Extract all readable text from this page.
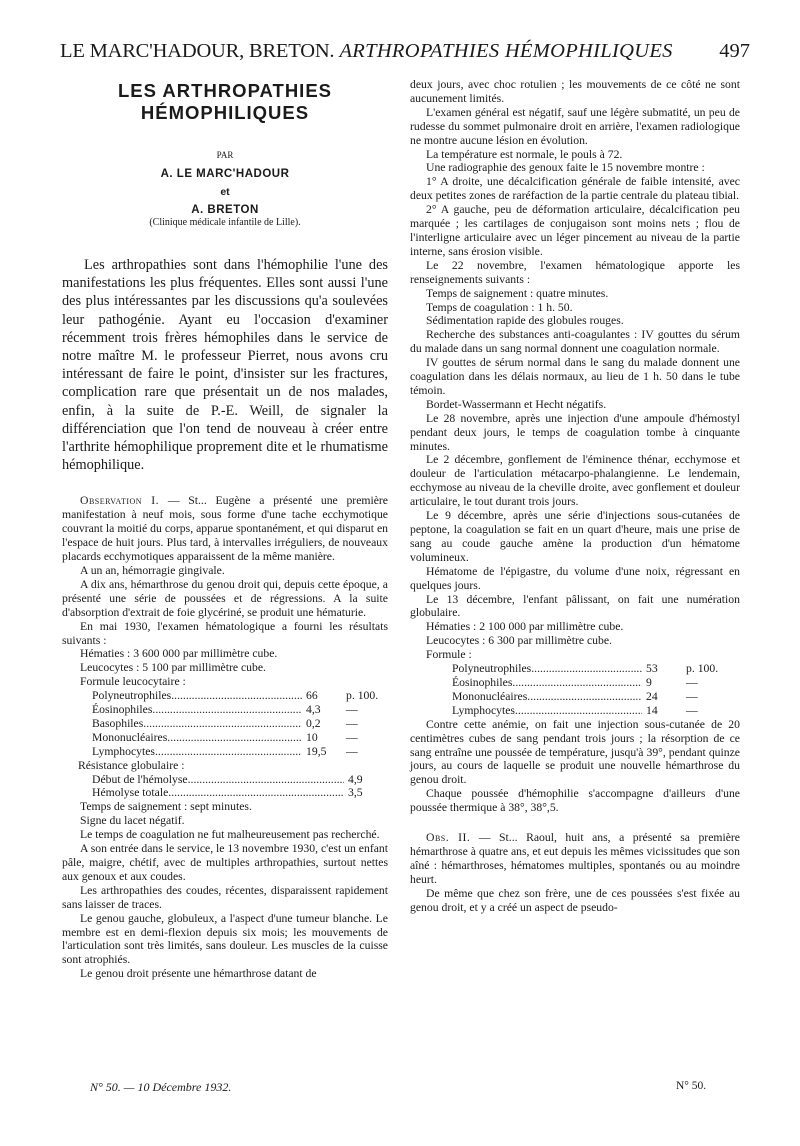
LE MARC'HADOUR, BRETON. ARTHROPATHIES HÉMOPHILIQUES 497
LES ARTHROPATHIES
HÉMOPHILIQUES
PAR
A. LE MARC'HADOUR
et
A. BRETON
(Clinique médicale infantile de Lille).
Les arthropathies sont dans l'hémophilie l'une des manifestations les plus fréquentes. Elles sont aussi l'une des plus intéressantes par les discussions qu'a soulevées leur pathogénie. Ayant eu l'occasion d'examiner récemment trois frères hémophiles dans le service de notre maître M. le professeur Pierret, nous avons cru intéressant de faire le point, d'insister sur les fractures, complication rare que présentait un de nos malades, enfin, à la suite de P.-E. Weill, de signaler la différenciation que l'on tend de nouveau à créer entre l'arthrite hémophilique proprement dite et le rhumatisme hémophilique.

Observation I. — St... Eugène a présenté une première manifestation à neuf mois, sous forme d'une tache ecchymotique couvrant la moitié du corps, apparue spontanément, et qui disparut en l'espace de huit jours. Plus tard, à intervalles irréguliers, de nouveaux placards ecchymotiques apparaissent de la même manière.

A un an, hémorragie gingivale.

A dix ans, hémarthrose du genou droit qui, depuis cette époque, a présenté une série de poussées et de régressions. A la suite d'absorption d'extrait de foie glycériné, se produit une hématurie.

En mai 1930, l'examen hématologique a fourni les résultats suivants :

Hématies : 3 600 000 par millimètre cube.

Leucocytes : 5 100 par millimètre cube.

Formule leucocytaire :

Polyneutrophiles .....	66	p. 100.
Éosinophiles .....	4,3	—
Basophiles .....	0,2	—
Mononucléaires .....	10	—
Lymphocytes .....	19,5	—

Résistance globulaire :

Début de l'hémolyse .....	4,9
Hémolyse totale .....	3,5

Temps de saignement : sept minutes.

Signe du lacet négatif.

Le temps de coagulation ne fut malheureusement pas recherché.

A son entrée dans le service, le 13 novembre 1930, c'est un enfant pâle, maigre, chétif, avec de multiples arthropathies, surtout nettes aux genoux et aux coudes.

Les arthropathies des coudes, récentes, disparaissent rapidement sans laisser de traces.

Le genou gauche, globuleux, a l'aspect d'une tumeur blanche. Le membre est en demi-flexion depuis six mois; les mouvements de l'articulation sont très limités, sans douleur. Les muscles de la cuisse sont atrophiés.

Le genou droit présente une hémarthrose datant de

deux jours, avec choc rotulien ; les mouvements de ce côté ne sont aucunement limités.

L'examen général est négatif, sauf une légère submatité, un peu de rudesse du sommet pulmonaire droit en arrière, l'examen radiologique ne montre aucune lésion en évolution.

La température est normale, le pouls à 72.

Une radiographie des genoux faite le 15 novembre montre :

1° A droite, une décalcification générale de faible intensité, avec deux petites zones de raréfaction de la partie centrale du plateau tibial.

2° A gauche, peu de déformation articulaire, décalcification peu marquée ; les cartilages de conjugaison sont moins nets ; flou de l'interligne articulaire avec un léger pincement au niveau de la partie interne, sans érosion visible.

Le 22 novembre, l'examen hématologique apporte les renseignements suivants :

Temps de saignement : quatre minutes.

Temps de coagulation : 1 h. 50.

Sédimentation rapide des globules rouges.

Recherche des substances anti-coagulantes : IV gouttes du sérum du malade dans un sang normal donnent une coagulation normale.

IV gouttes de sérum normal dans le sang du malade donnent une coagulation dans les délais normaux, au lieu de 1 h. 50 dans le tube témoin.

Bordet-Wassermann et Hecht négatifs.

Le 28 novembre, après une injection d'une ampoule d'hémostyl pendant deux jours, le temps de coagulation tombe à cinquante minutes.

Le 2 décembre, gonflement de l'éminence thénar, ecchymose et douleur de l'articulation métacarpo-phalangienne. Le lendemain, ecchymose au niveau de la cheville droite, avec gonflement et douleur articulaire, le tout durant trois jours.

Le 9 décembre, après une série d'injections sous-cutanées de peptone, la coagulation se fait en un quart d'heure, mais une prise de sang au coude gauche amène la production d'un hématome volumineux.

Hématome de l'épigastre, du volume d'une noix, régressant en quelques jours.

Le 13 décembre, l'enfant pâlissant, on fait une numération globulaire.

Hématies : 2 100 000 par millimètre cube.

Leucocytes : 6 300 par millimètre cube.

Formule :

Polyneutrophiles .....	53	p. 100.
Éosinophiles .....	9	—
Mononucléaires .....	24	—
Lymphocytes .....	14	—

Contre cette anémie, on fait une injection sous-cutanée de 20 centimètres cubes de sang pendant trois jours ; la résorption de ce sang entraîne une poussée de température, jusqu'à 39°, pendant quinze jours, au cours de laquelle se produit une nouvelle hémarthrose du genou droit.

Chaque poussée d'hémophilie s'accompagne d'ailleurs d'une poussée thermique à 38°, 38°,5.

Obs. II. — St... Raoul, huit ans, a présenté sa première hémarthrose à quatre ans, et eut depuis les mêmes vicissitudes que son aîné : hémarthroses, hématomes multiples, spontanés ou au moindre heurt.

De même que chez son frère, une de ces poussées s'est fixée au genou droit, et y a créé un aspect de pseudo-

N° 50. — 10 Décembre 1932.	N° 50.
